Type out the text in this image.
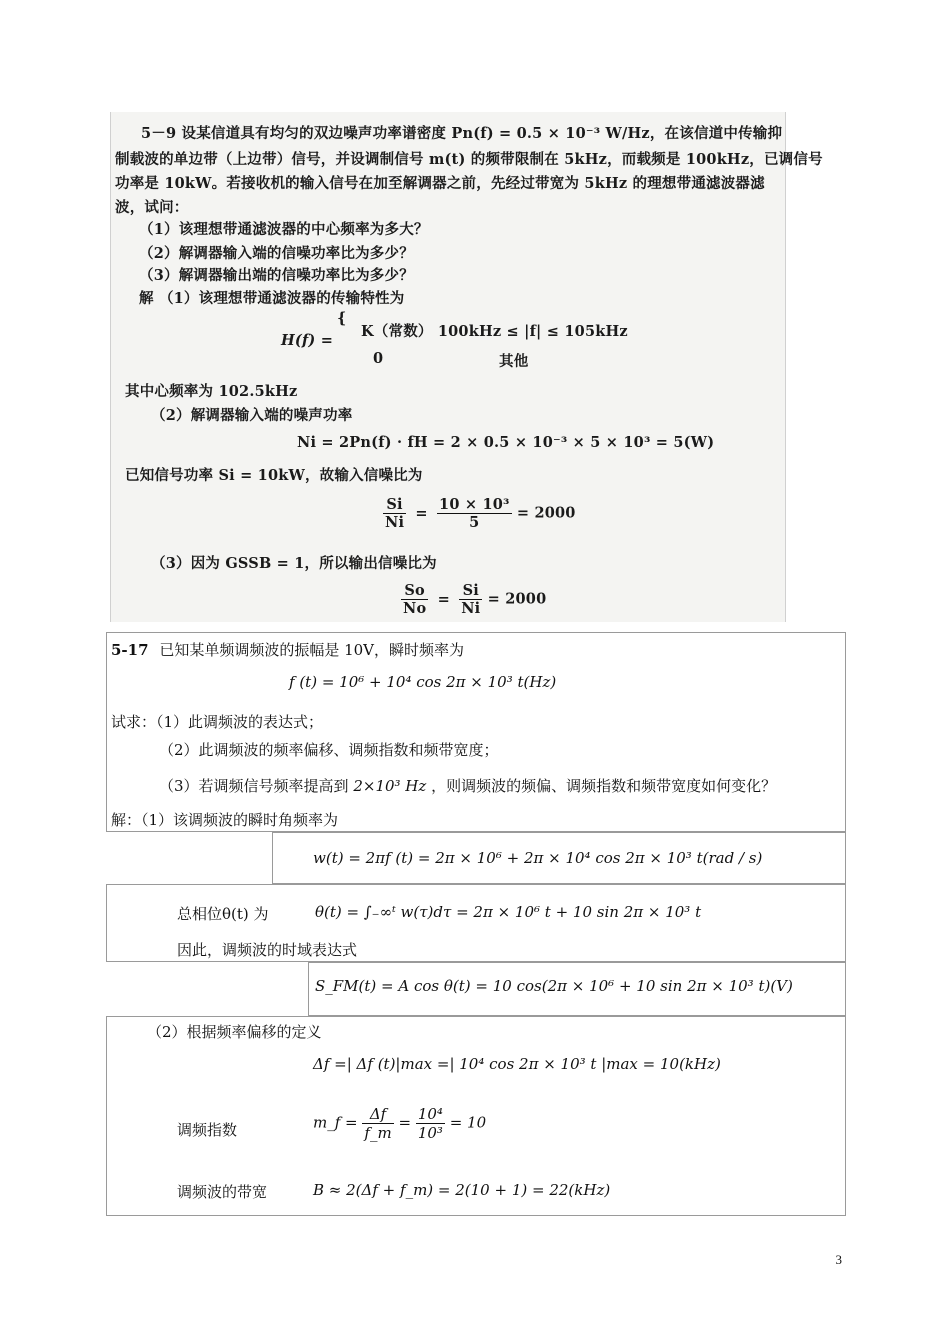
5－9 设某信道具有均匀的双边噪声功率谱密度 Pn(f) = 0.5 × 10⁻³ W/Hz，在该信道中传输抑
制载波的单边带（上边带）信号，并设调制信号 m(t) 的频带限制在 5kHz，而载频是 100kHz，已调信号
功率是 10kW。若接收机的输入信号在加至解调器之前，先经过带宽为 5kHz 的理想带通滤波器滤
波，试问：
（1）该理想带通滤波器的中心频率为多大？
（2）解调器输入端的信噪功率比为多少？
（3）解调器输出端的信噪功率比为多少？
解 （1）该理想带通滤波器的传输特性为
H(f) =
{
K（常数） 100kHz ≤ |f| ≤ 105kHz
0	其他
其中心频率为 102.5kHz
（2）解调器输入端的噪声功率
Ni = 2Pn(f) · fH = 2 × 0.5 × 10⁻³ × 5 × 10³ = 5(W)
已知信号功率 Si = 10kW，故输入信噪比为
$\frac{Si}{Ni} = \frac{\text{10 × 10³}}{5} = 2000$
（3）因为 GSSB = 1，所以输出信噪比为
$\frac{So}{No} = \frac{Si}{Ni} = 2000$
5-17 已知某单频调频波的振幅是 10V，瞬时频率为
f (t) = 10⁶ + 10⁴ cos 2π × 10³ t(Hz)
试求：（1）此调频波的表达式；
（2）此调频波的频率偏移、调频指数和频带宽度；
（3）若调频信号频率提高到 2×10³ Hz ，则调频波的频偏、调频指数和频带宽度如何变化？
解：（1）该调频波的瞬时角频率为
w(t) = 2πf (t) = 2π × 10⁶ + 2π × 10⁴ cos 2π × 10³ t(rad / s)
总相位θ(t) 为	θ(t) = ∫₋∞ᵗ w(τ)dτ = 2π × 10⁶ t + 10 sin 2π × 10³ t
因此，调频波的时域表达式
S_FM(t) = A cos θ(t) = 10 cos(2π × 10⁶ + 10 sin 2π × 10³ t)(V)
（2）根据频率偏移的定义
Δf =| Δf (t)|max =| 10⁴ cos 2π × 10³ t |max = 10(kHz)
调频指数	m_f = $\frac{\Delta f}{f\_m} = \frac{\text{10⁴}}{\text{10³}} = 10$
调频波的带宽	B ≈ 2(Δf + f_m) = 2(10 + 1) = 22(kHz)
3
